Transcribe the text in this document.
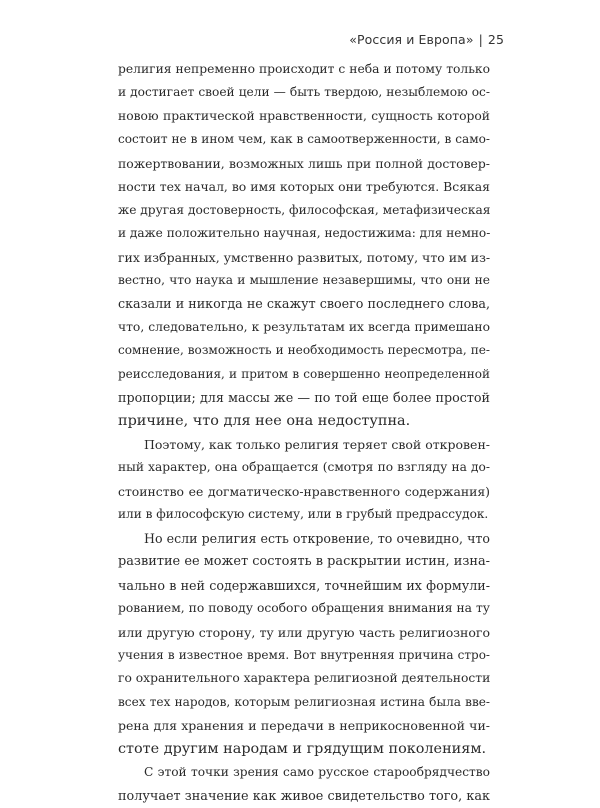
«Россия и Европа» | 25
религия непременно происходит с неба и потому только
и достигает своей цели — быть твердою, незыблемою ос-
новою практической нравственности, сущность которой
состоит не в ином чем, как в самоотверженности, в само-
пожертвовании, возможных лишь при полной достовер-
ности тех начал, во имя которых они требуются. Всякая
же другая достоверность, философская, метафизическая
и даже положительно научная, недостижима: для немно-
гих избранных, умственно развитых, потому, что им из-
вестно, что наука и мышление незавершимы, что они не
сказали и никогда не скажут своего последнего слова,
что, следовательно, к результатам их всегда примешано
сомнение, возможность и необходимость пересмотра, пе-
реисследования, и притом в совершенно неопределенной
пропорции; для массы же — по той еще более простой
причине, что для нее она недоступна.
Поэтому, как только религия теряет свой откровен-
ный характер, она обращается (смотря по взгляду на до-
стоинство ее догматическо-нравственного содержания)
или в философскую систему, или в грубый предрассудок.
Но если религия есть откровение, то очевидно, что
развитие ее может состоять в раскрытии истин, изна-
чально в ней содержавшихся, точнейшим их формули-
рованием, по поводу особого обращения внимания на ту
или другую сторону, ту или другую часть религиозного
учения в известное время. Вот внутренняя причина стро-
го охранительного характера религиозной деятельности
всех тех народов, которым религиозная истина была вве-
рена для хранения и передачи в неприкосновенной чи-
стоте другим народам и грядущим поколениям.
С этой точки зрения само русское старообрядчество
получает значение как живое свидетельство того, как
